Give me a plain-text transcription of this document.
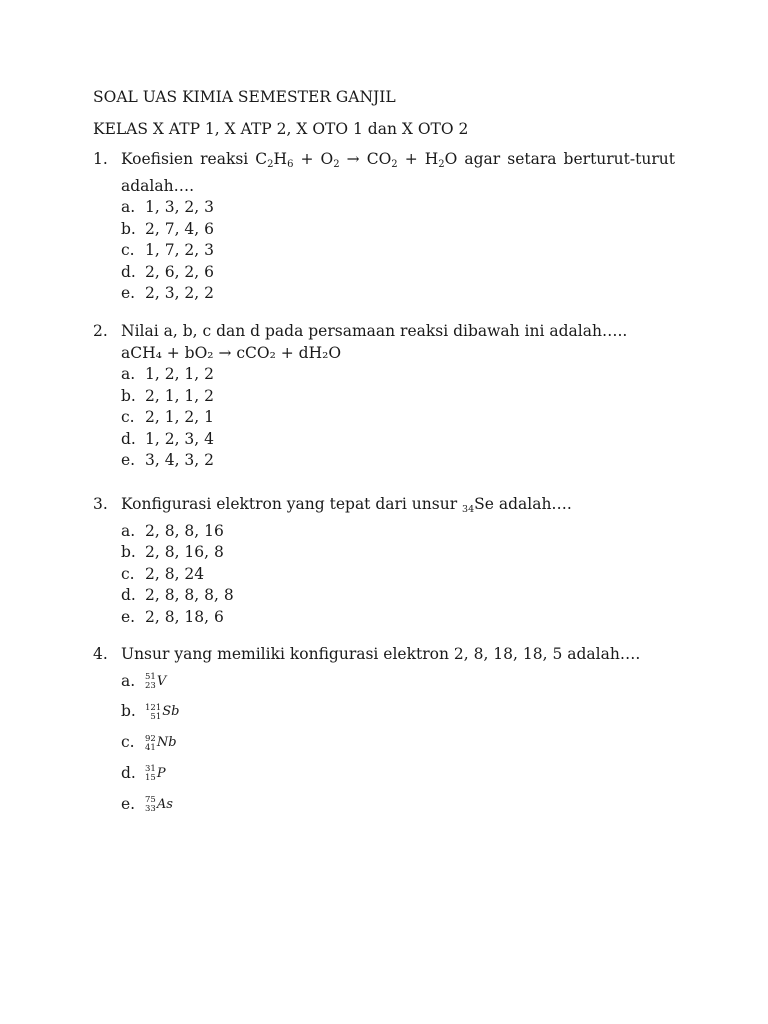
SOAL UAS KIMIA SEMESTER GANJIL
KELAS X ATP 1, X ATP 2, X OTO 1 dan X OTO 2
1. Koefisien reaksi $C_2H_6 + O_2 \to CO_2 + H_2O$ agar setara berturut-turut
adalah….
a. 1, 3, 2, 3
b. 2, 7, 4, 6
c. 1, 7, 2, 3
d. 2, 6, 2, 6
e. 2, 3, 2, 2
2. Nilai a, b, c dan d pada persamaan reaksi dibawah ini adalah…..
aCH₄ + bO₂ → cCO₂ + dH₂O
a. 1, 2, 1, 2
b. 2, 1, 1, 2
c. 2, 1, 2, 1
d. 1, 2, 3, 4
e. 3, 4, 3, 2
3. Konfigurasi elektron yang tepat dari unsur 34Se adalah….
a. 2, 8, 8, 16
b. 2, 8, 16, 8
c. 2, 8, 24
d. 2, 8, 8, 8, 8
e. 2, 8, 18, 6
4. Unsur yang memiliki konfigurasi elektron 2, 8, 18, 18, 5 adalah….
a. 51
23 V
b. 121
51 Sb
c. 92
41 Nb
d. 31
15 P
e. 75
33 As
